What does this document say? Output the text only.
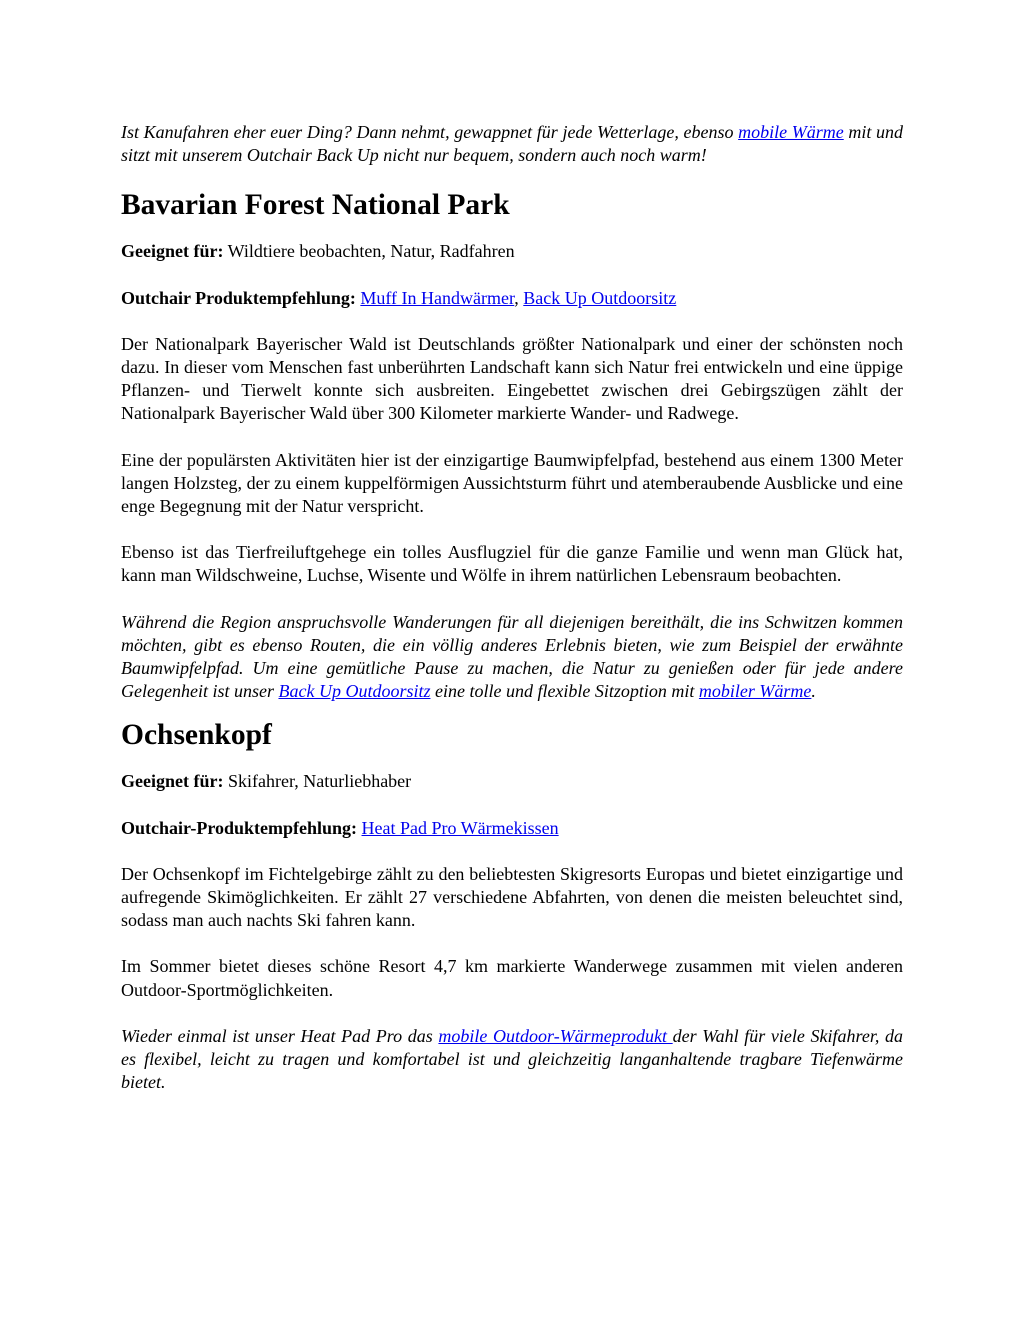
Ist Kanufahren eher euer Ding? Dann nehmt, gewappnet für jede Wetterlage, ebenso mobile Wärme mit und sitzt mit unserem Outchair Back Up nicht nur bequem, sondern auch noch warm!

Bavarian Forest National Park

Geeignet für: Wildtiere beobachten, Natur, Radfahren

Outchair Produktempfehlung: Muff In Handwärmer, Back Up Outdoorsitz

Der Nationalpark Bayerischer Wald ist Deutschlands größter Nationalpark und einer der schönsten noch dazu. In dieser vom Menschen fast unberührten Landschaft kann sich Natur frei entwickeln und eine üppige Pflanzen- und Tierwelt konnte sich ausbreiten. Eingebettet zwischen drei Gebirgszügen zählt der Nationalpark Bayerischer Wald über 300 Kilometer markierte Wander- und Radwege.

Eine der populärsten Aktivitäten hier ist der einzigartige Baumwipfelpfad, bestehend aus einem 1300 Meter langen Holzsteg, der zu einem kuppelförmigen Aussichtsturm führt und atemberaubende Ausblicke und eine enge Begegnung mit der Natur verspricht.

Ebenso ist das Tierfreiluftgehege ein tolles Ausflugziel für die ganze Familie und wenn man Glück hat, kann man Wildschweine, Luchse, Wisente und Wölfe in ihrem natürlichen Lebensraum beobachten.

Während die Region anspruchsvolle Wanderungen für all diejenigen bereithält, die ins Schwitzen kommen möchten, gibt es ebenso Routen, die ein völlig anderes Erlebnis bieten, wie zum Beispiel der erwähnte Baumwipfelpfad. Um eine gemütliche Pause zu machen, die Natur zu genießen oder für jede andere Gelegenheit ist unser Back Up Outdoorsitz eine tolle und flexible Sitzoption mit mobiler Wärme.

Ochsenkopf

Geeignet für: Skifahrer, Naturliebhaber

Outchair-Produktempfehlung: Heat Pad Pro Wärmekissen

Der Ochsenkopf im Fichtelgebirge zählt zu den beliebtesten Skigresorts Europas und bietet einzigartige und aufregende Skimöglichkeiten. Er zählt 27 verschiedene Abfahrten, von denen die meisten beleuchtet sind, sodass man auch nachts Ski fahren kann.

Im Sommer bietet dieses schöne Resort 4,7 km markierte Wanderwege zusammen mit vielen anderen Outdoor-Sportmöglichkeiten.

Wieder einmal ist unser Heat Pad Pro das mobile Outdoor-Wärmeprodukt der Wahl für viele Skifahrer, da es flexibel, leicht zu tragen und komfortabel ist und gleichzeitig langanhaltende tragbare Tiefenwärme bietet.
